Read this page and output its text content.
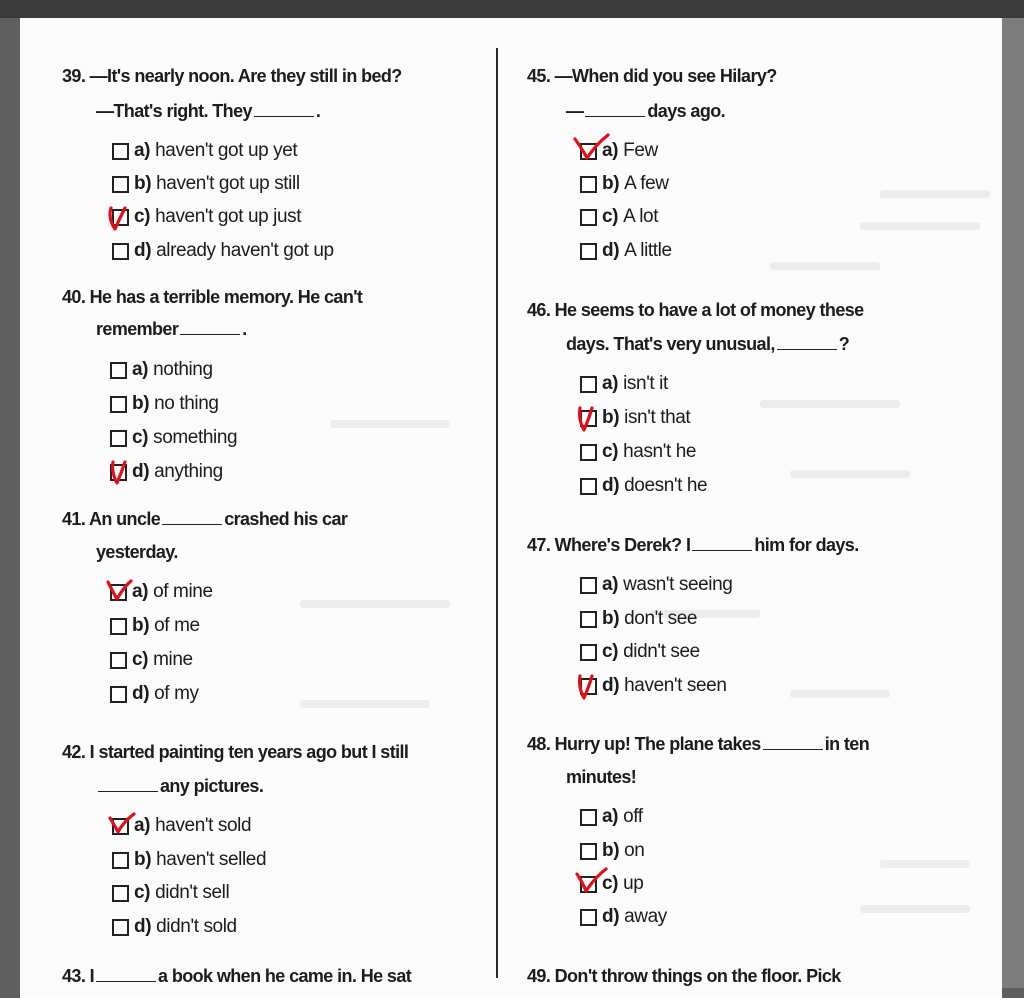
39. —It's nearly noon. Are they still in bed?
—That's right. They	.
a) haven't got up yet
b) haven't got up still
c) haven't got up just
d) already haven't got up
40. He has a terrible memory. He can't
remember	.
a) nothing
b) no thing
c) something
d) anything
41. An uncle	crashed his car
yesterday.
a) of mine
b) of me
c) mine
d) of my
42. I started painting ten years ago but I still
any pictures.
a) haven't sold
b) haven't selled
c) didn't sell
d) didn't sold
43. I	a book when he came in. He sat
45. —When did you see Hilary?
—	days ago.
a) Few
b) A few
c) A lot
d) A little
46. He seems to have a lot of money these
days. That's very unusual,	?
a) isn't it
b) isn't that
c) hasn't he
d) doesn't he
47. Where's Derek? I	him for days.
a) wasn't seeing
b) don't see
c) didn't see
d) haven't seen
48. Hurry up! The plane takes	in ten
minutes!
a) off
b) on
c) up
d) away
49. Don't throw things on the floor. Pick
